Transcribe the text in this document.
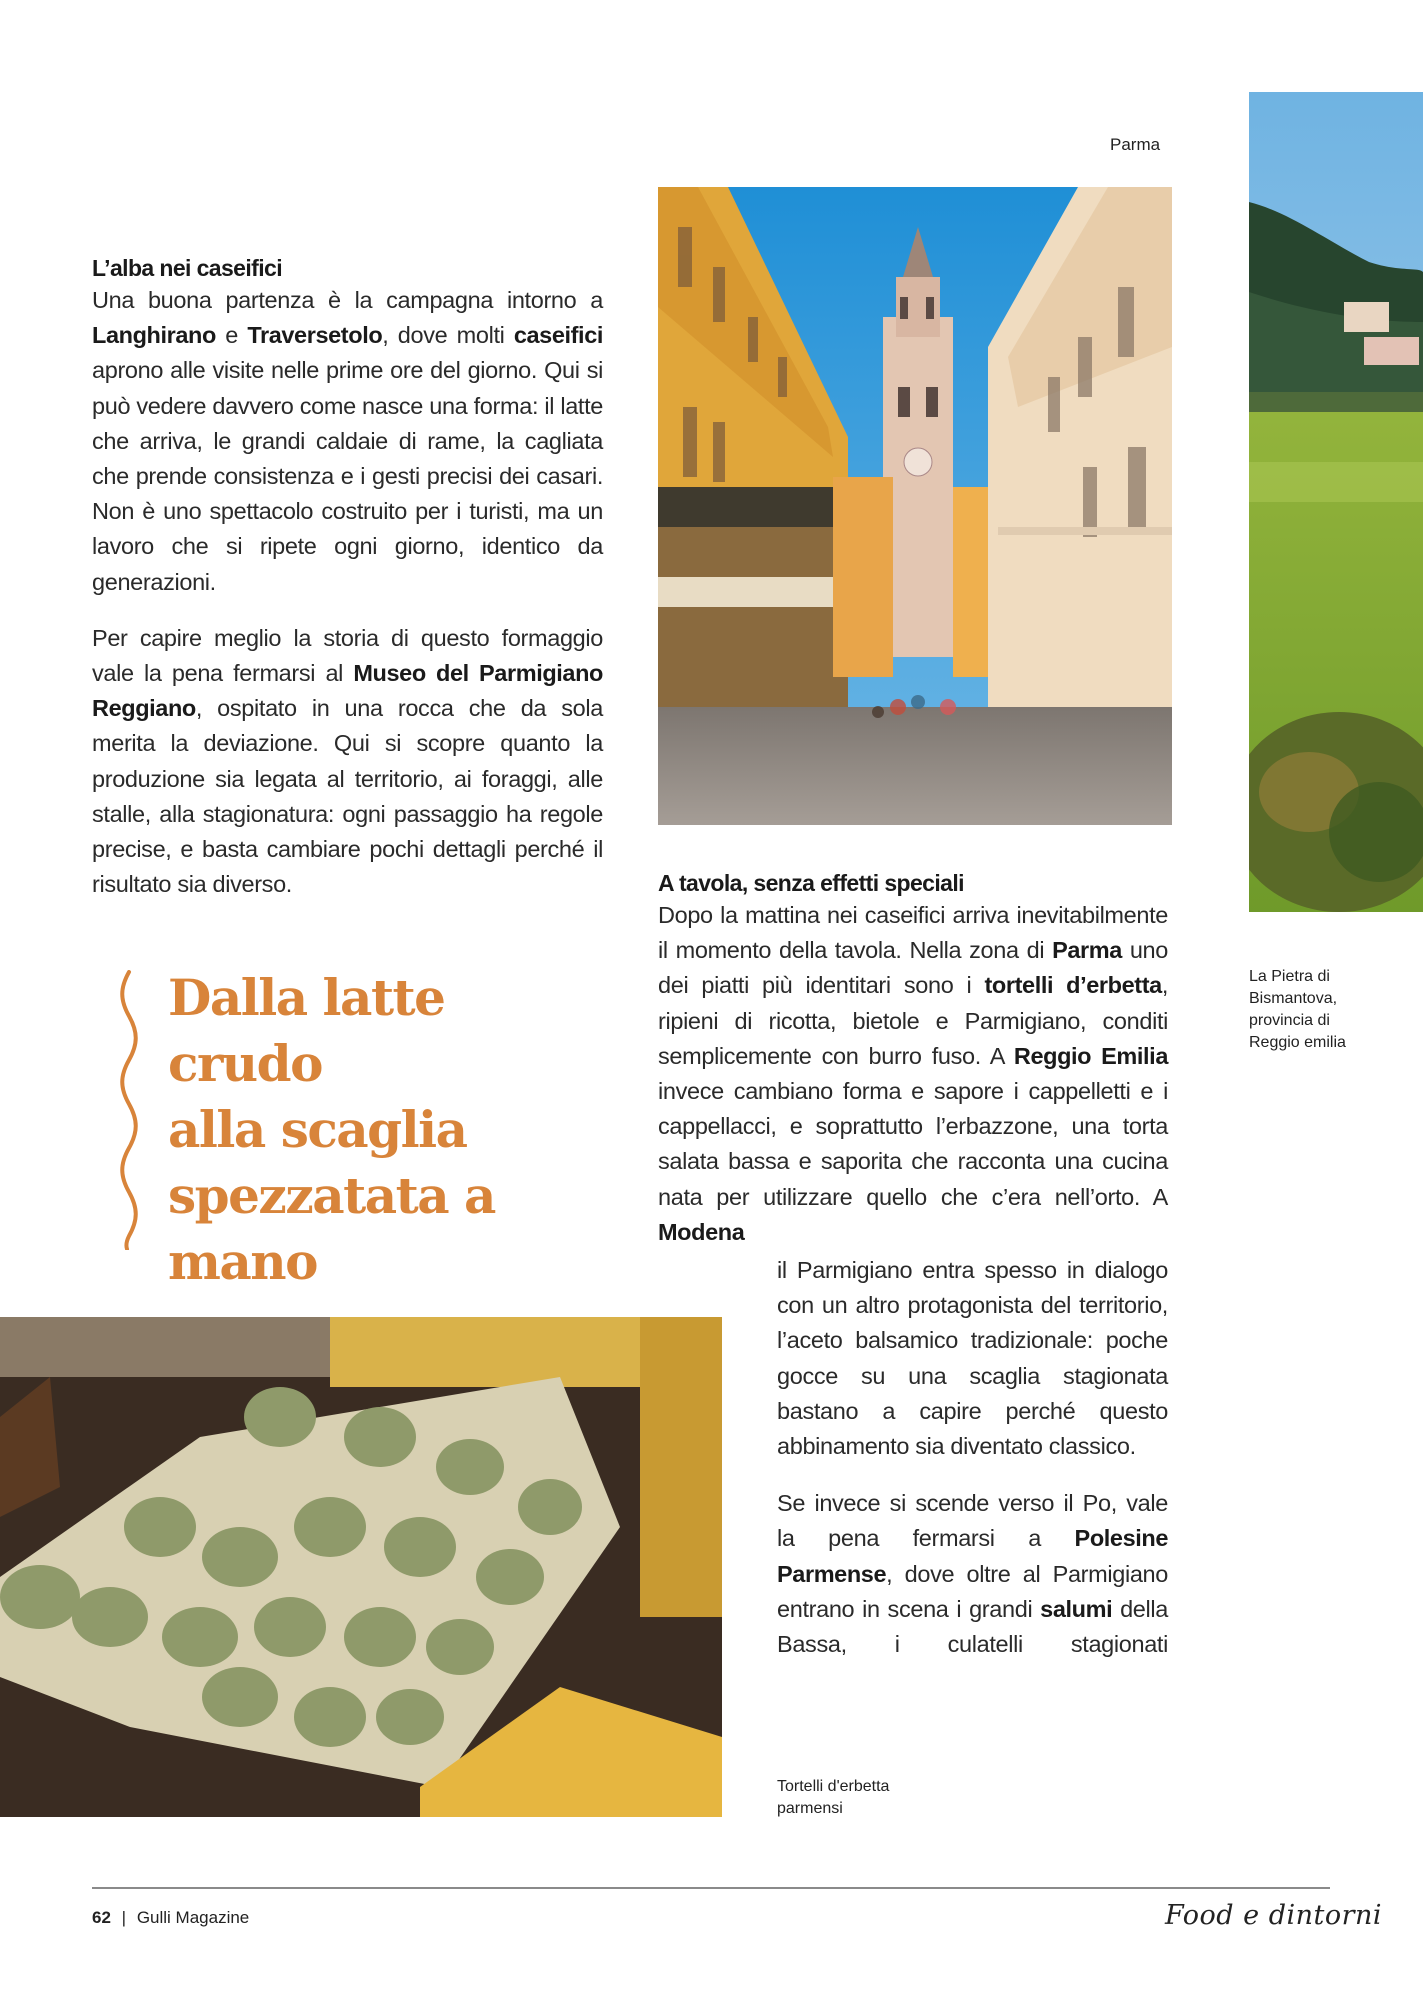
Parma
La Pietra di Bismantova, provincia di Reggio emilia
L’alba nei caseifici

Una buona partenza è la campagna intorno a Langhirano e Traversetolo, dove molti caseifici aprono alle visite nelle prime ore del giorno. Qui si può vedere davvero come nasce una forma: il latte che arriva, le grandi caldaie di rame, la cagliata che prende consistenza e i gesti precisi dei casari. Non è uno spettacolo costruito per i turisti, ma un lavoro che si ripete ogni giorno, identico da generazioni.

Per capire meglio la storia di questo formaggio vale la pena fermarsi al Museo del Parmigiano Reggiano, ospitato in una rocca che da sola merita la deviazione. Qui si scopre quanto la produzione sia legata al territorio, ai foraggi, alle stalle, alla stagionatura: ogni passaggio ha regole precise, e basta cambiare pochi dettagli perché il risultato sia diverso.

Dalla latte crudo
alla scaglia
spezzatata a
mano
A tavola, senza effetti speciali

Dopo la mattina nei caseifici arriva inevitabilmente il momento della tavola. Nella zona di Parma uno dei piatti più identitari sono i tortelli d’erbetta, ripieni di ricotta, bietole e Parmigiano, conditi semplicemente con burro fuso. A Reggio Emilia invece cambiano forma e sapore i cappelletti e i cappellacci, e soprattutto l’erbazzone, una torta salata bassa e saporita che racconta una cucina nata per utilizzare quello che c’era nell’orto. A Modena

il Parmigiano entra spesso in dialogo con un altro protagonista del territorio, l’aceto balsamico tradizionale: poche gocce su una scaglia stagionata bastano a capire perché questo abbinamento sia diventato classico.

Se invece si scende verso il Po, vale la pena fermarsi a Polesine Parmense, dove oltre al Parmigiano entrano in scena i grandi salumi della Bassa, i culatelli stagionati

Tortelli d'erbetta parmensi
62 | Gulli Magazine	Food e dintorni
